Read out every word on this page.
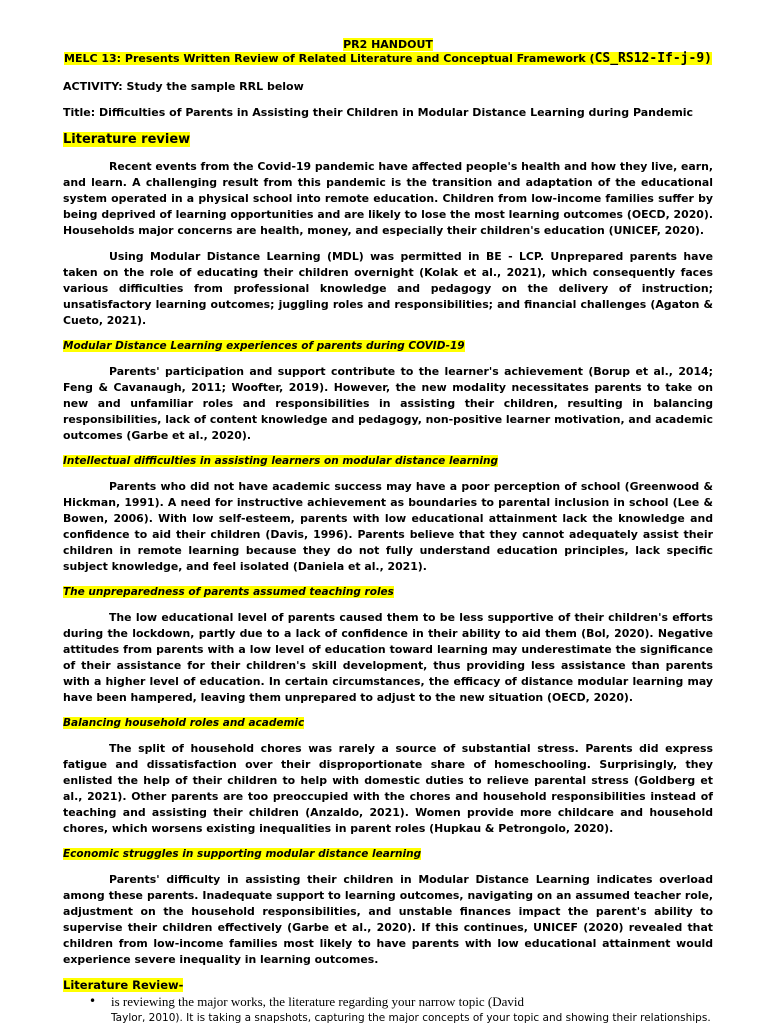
PR2 HANDOUT
MELC 13: Presents Written Review of Related Literature and Conceptual Framework (CS_RS12-If-j-9)
ACTIVITY: Study the sample RRL below
Title: Difficulties of Parents in Assisting their Children in Modular Distance Learning during Pandemic
Literature review

Recent events from the Covid-19 pandemic have affected people's health and how they live, earn, and learn. A challenging result from this pandemic is the transition and adaptation of the educational system operated in a physical school into remote education. Children from low-income families suffer by being deprived of learning opportunities and are likely to lose the most learning outcomes (OECD, 2020). Households major concerns are health, money, and especially their children's education (UNICEF, 2020).

Using Modular Distance Learning (MDL) was permitted in BE - LCP. Unprepared parents have taken on the role of educating their children overnight (Kolak et al., 2021), which consequently faces various difficulties from professional knowledge and pedagogy on the delivery of instruction; unsatisfactory learning outcomes; juggling roles and responsibilities; and financial challenges (Agaton & Cueto, 2021).

Modular Distance Learning experiences of parents during COVID-19

Parents' participation and support contribute to the learner's achievement (Borup et al., 2014; Feng & Cavanaugh, 2011; Woofter, 2019). However, the new modality necessitates parents to take on new and unfamiliar roles and responsibilities in assisting their children, resulting in balancing responsibilities, lack of content knowledge and pedagogy, non-positive learner motivation, and academic outcomes (Garbe et al., 2020).

Intellectual difficulties in assisting learners on modular distance learning

Parents who did not have academic success may have a poor perception of school (Greenwood & Hickman, 1991). A need for instructive achievement as boundaries to parental inclusion in school (Lee & Bowen, 2006). With low self-esteem, parents with low educational attainment lack the knowledge and confidence to aid their children (Davis, 1996). Parents believe that they cannot adequately assist their children in remote learning because they do not fully understand education principles, lack specific subject knowledge, and feel isolated (Daniela et al., 2021).

The unpreparedness of parents assumed teaching roles

The low educational level of parents caused them to be less supportive of their children's efforts during the lockdown, partly due to a lack of confidence in their ability to aid them (Bol, 2020). Negative attitudes from parents with a low level of education toward learning may underestimate the significance of their assistance for their children's skill development, thus providing less assistance than parents with a higher level of education. In certain circumstances, the efficacy of distance modular learning may have been hampered, leaving them unprepared to adjust to the new situation (OECD, 2020).

Balancing household roles and academic

The split of household chores was rarely a source of substantial stress. Parents did express fatigue and dissatisfaction over their disproportionate share of homeschooling. Surprisingly, they enlisted the help of their children to help with domestic duties to relieve parental stress (Goldberg et al., 2021). Other parents are too preoccupied with the chores and household responsibilities instead of teaching and assisting their children (Anzaldo, 2021). Women provide more childcare and household chores, which worsens existing inequalities in parent roles (Hupkau & Petrongolo, 2020).

Economic struggles in supporting modular distance learning

Parents' difficulty in assisting their children in Modular Distance Learning indicates overload among these parents. Inadequate support to learning outcomes, navigating on an assumed teacher role, adjustment on the household responsibilities, and unstable finances impact the parent's ability to supervise their children effectively (Garbe et al., 2020). If this continues, UNICEF (2020) revealed that children from low-income families most likely to have parents with low educational attainment would experience severe inequality in learning outcomes.

Literature Review-
• is reviewing the major works, the literature regarding your narrow topic (David
Taylor, 2010). It is taking a snapshots, capturing the major concepts of your topic and showing their relationships.
